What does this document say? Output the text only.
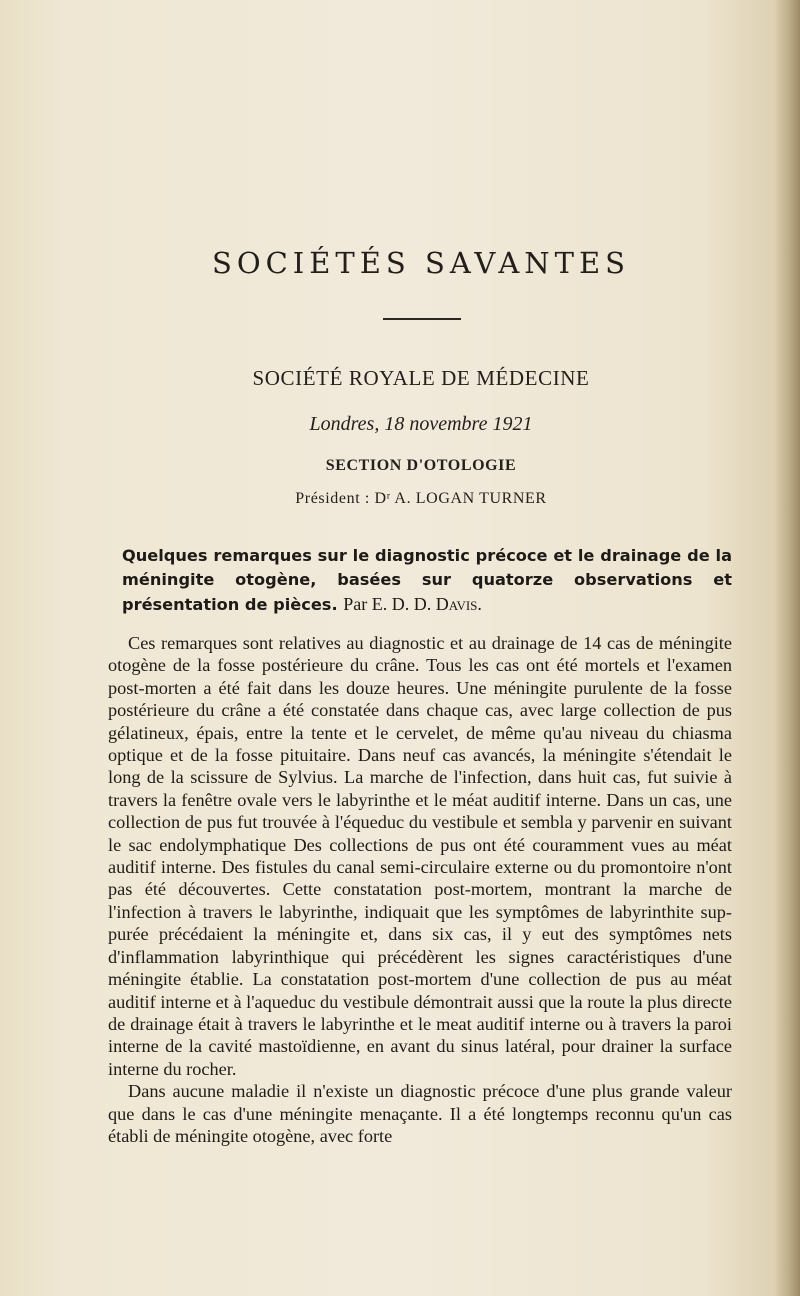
SOCIÉTÉS SAVANTES
SOCIÉTÉ ROYALE DE MÉDECINE
Londres, 18 novembre 1921
SECTION D'OTOLOGIE
Président : Dʳ A. LOGAN TURNER
Quelques remarques sur le diagnostic précoce et le drainage de la méningite otogène, basées sur quatorze observations et présentation de pièces. Par E. D. D. Davis.

Ces remarques sont relatives au diagnostic et au drainage de 14 cas de méningite otogène de la fosse postérieure du crâne. Tous les cas ont été mortels et l'examen post-morten a été fait dans les douze heures. Une méningite purulente de la fosse postérieure du crâne a été constatée dans chaque cas, avec large collection de pus gélatineux, épais, entre la tente et le cervelet, de même qu'au niveau du chiasma optique et de la fosse pituitaire. Dans neuf cas avancés, la méningite s'étendait le long de la scissure de Sylvius. La marche de l'infection, dans huit cas, fut suivie à travers la fenêtre ovale vers le labyrinthe et le méat auditif interne. Dans un cas, une collection de pus fut trouvée à l'équeduc du vestibule et sembla y parvenir en suivant le sac endolymphatique Des collections de pus ont été couramment vues au méat auditif interne. Des fistules du canal semi-circulaire externe ou du promontoire n'ont pas été découvertes. Cette constatation post-mortem, montrant la marche de l'infection à travers le labyrinthe, indiquait que les symptômes de labyrinthite suppurée précédaient la méningite et, dans six cas, il y eut des symptômes nets d'inflammation labyrinthique qui précédèrent les signes caractéristiques d'une méningite établie. La constatation post-mortem d'une collection de pus au méat auditif interne et à l'aqueduc du vestibule démontrait aussi que la route la plus directe de drainage était à travers le labyrinthe et le meat auditif interne ou à travers la paroi interne de la cavité mastoïdienne, en avant du sinus latéral, pour drainer la surface interne du rocher.

Dans aucune maladie il n'existe un diagnostic précoce d'une plus grande valeur que dans le cas d'une méningite menaçante. Il a été longtemps reconnu qu'un cas établi de méningite otogène, avec forte
